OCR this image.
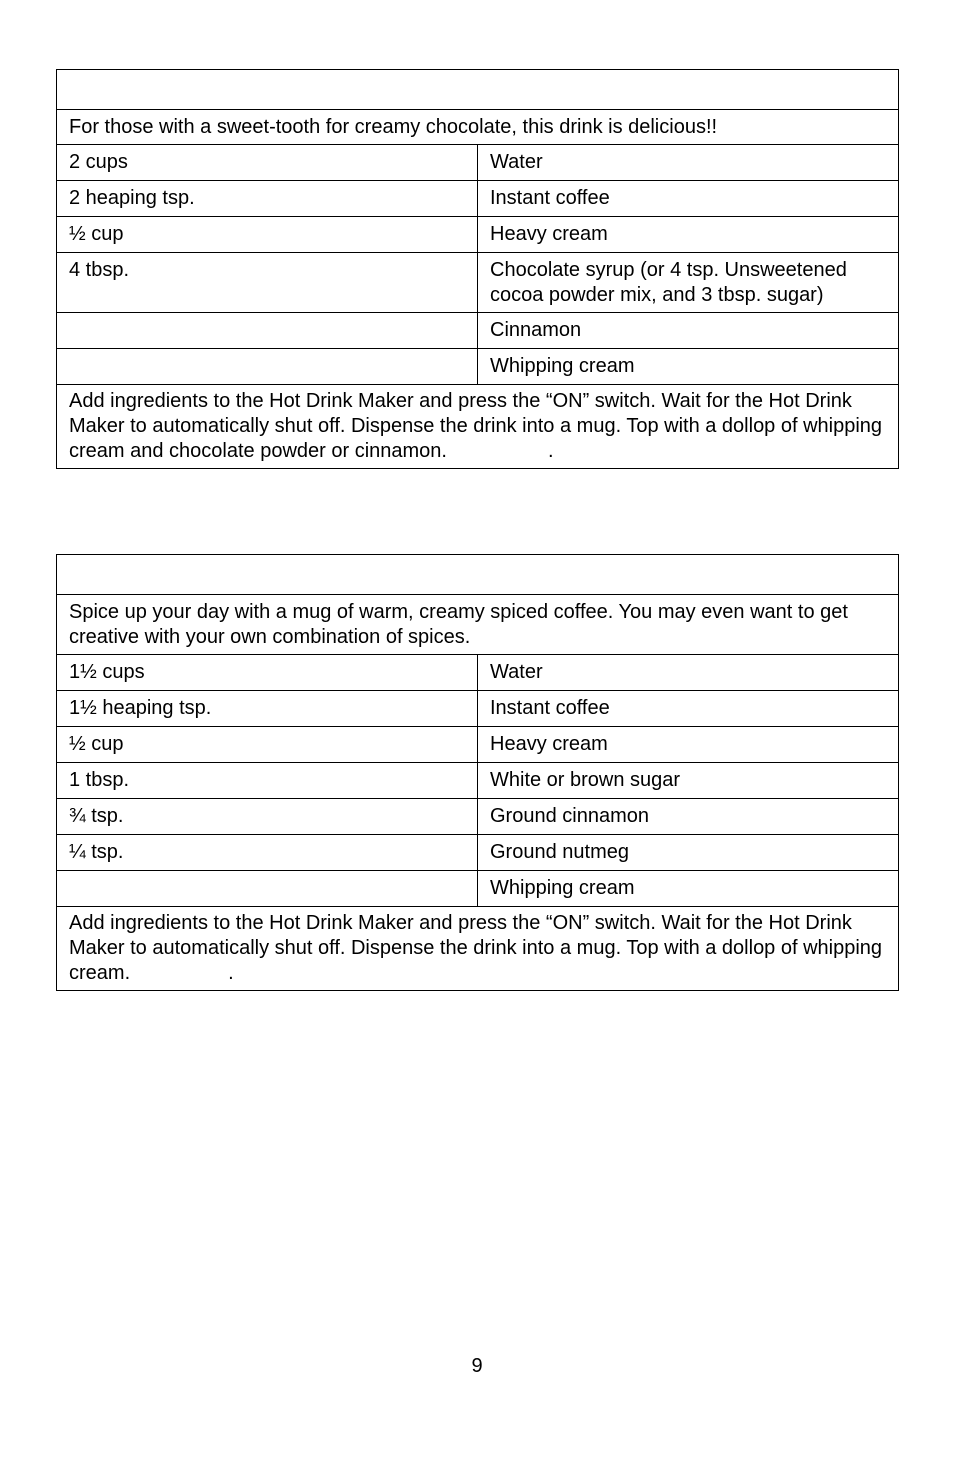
For those with a sweet-tooth for creamy chocolate, this drink is delicious!!	
2 cups	Water
2 heaping tsp.	Instant coffee
½ cup	Heavy cream
4 tbsp.	Chocolate syrup (or 4 tsp. Unsweetened cocoa powder mix, and 3 tbsp. sugar)
	Cinnamon
	Whipping cream
Add ingredients to the Hot Drink Maker and press the “ON” switch. Wait for the Hot Drink Maker to automatically shut off. Dispense the drink into a mug. Top with a dollop of whipping cream and chocolate powder or cinnamon. .	

Spice up your day with a mug of warm, creamy spiced coffee. You may even want to get creative with your own combination of spices.	
1½ cups	Water
1½ heaping tsp.	Instant coffee
½ cup	Heavy cream
1 tbsp.	White or brown sugar
¾ tsp.	Ground cinnamon
¼ tsp.	Ground nutmeg
	Whipping cream
Add ingredients to the Hot Drink Maker and press the “ON” switch. Wait for the Hot Drink Maker to automatically shut off. Dispense the drink into a mug. Top with a dollop of whipping cream. .	
9
